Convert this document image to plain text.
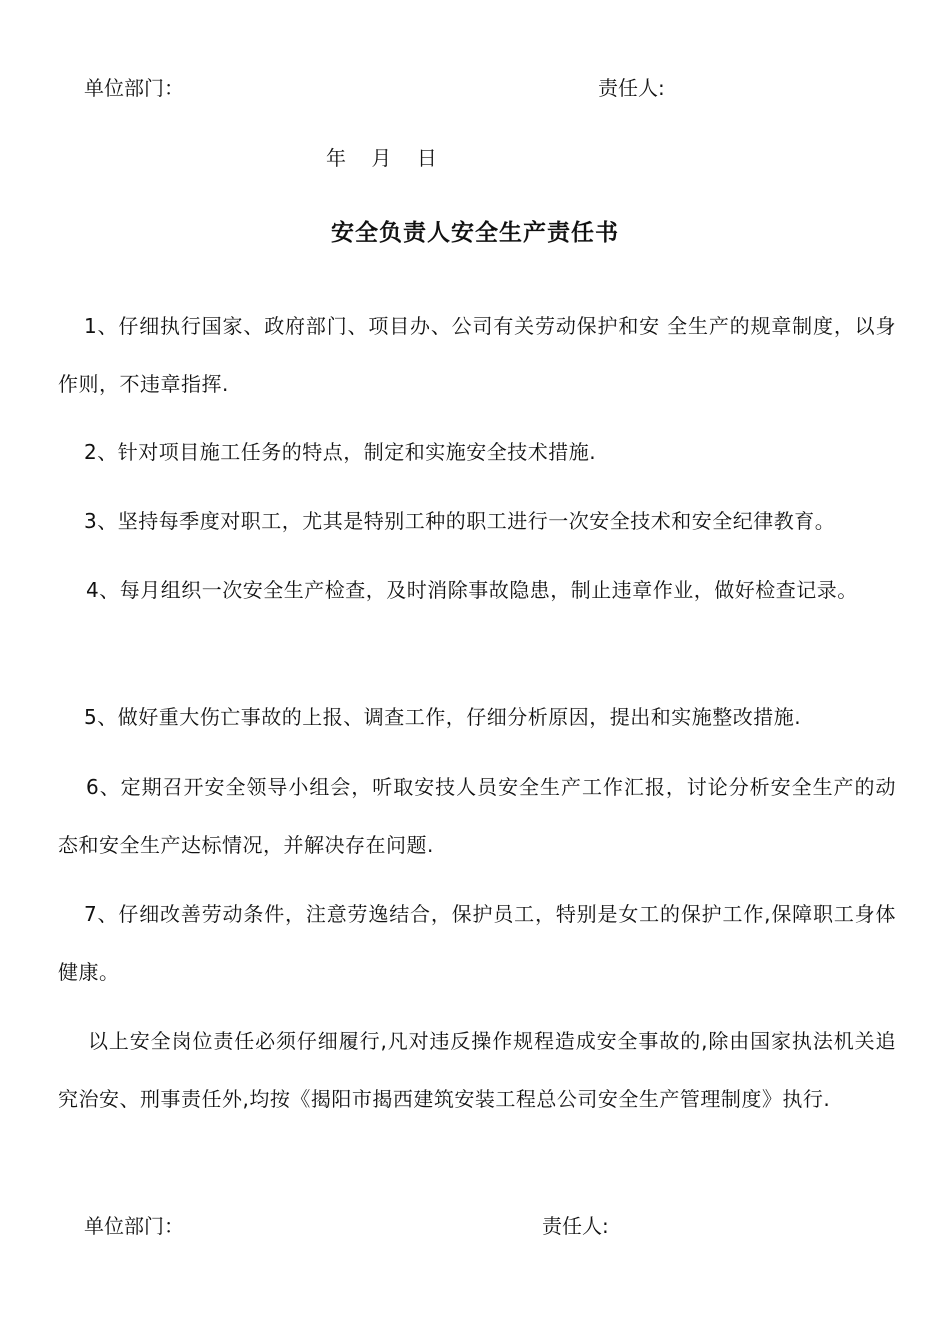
单位部门：	责任人:
年    月    日
安全负责人安全生产责任书
1、仔细执行国家、政府部门、项目办、公司有关劳动保护和安 全生产的规章制度，以身作则，不违章指挥.
2、针对项目施工任务的特点，制定和实施安全技术措施.
3、坚持每季度对职工，尤其是特别工种的职工进行一次安全技术和安全纪律教育。
4、每月组织一次安全生产检查，及时消除事故隐患，制止违章作业，做好检查记录。
5、做好重大伤亡事故的上报、调查工作，仔细分析原因，提出和实施整改措施.
6、定期召开安全领导小组会，听取安技人员安全生产工作汇报，讨论分析安全生产的动态和安全生产达标情况，并解决存在问题.
7、仔细改善劳动条件，注意劳逸结合，保护员工，特别是女工的保护工作,保障职工身体健康。
以上安全岗位责任必须仔细履行,凡对违反操作规程造成安全事故的,除由国家执法机关追究治安、刑事责任外,均按《揭阳市揭西建筑安装工程总公司安全生产管理制度》执行.
单位部门：	责任人:
